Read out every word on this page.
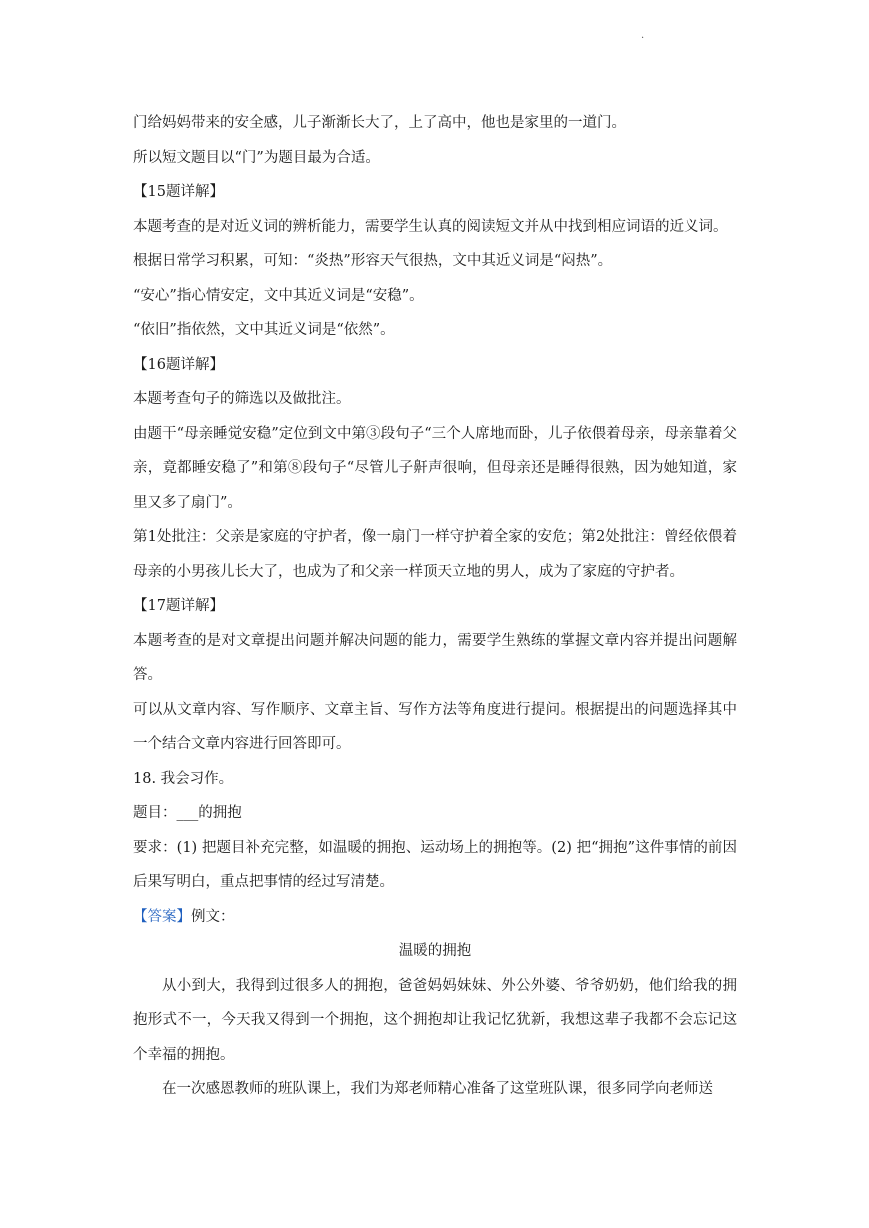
.

门给妈妈带来的安全感，儿子渐渐长大了，上了高中，他也是家里的一道门。

所以短文题目以“门”为题目最为合适。

【15题详解】

本题考查的是对近义词的辨析能力，需要学生认真的阅读短文并从中找到相应词语的近义词。

根据日常学习积累，可知：“炎热”形容天气很热，文中其近义词是“闷热”。

“安心”指心情安定，文中其近义词是“安稳”。

“依旧”指依然，文中其近义词是“依然”。

【16题详解】

本题考查句子的筛选以及做批注。

由题干“母亲睡觉安稳”定位到文中第③段句子“三个人席地而卧，儿子依偎着母亲，母亲靠着父亲，竟都睡安稳了”和第⑧段句子“尽管儿子鼾声很响，但母亲还是睡得很熟，因为她知道，家里又多了扇门”。

第1处批注：父亲是家庭的守护者，像一扇门一样守护着全家的安危；第2处批注：曾经依偎着母亲的小男孩儿长大了，也成为了和父亲一样顶天立地的男人，成为了家庭的守护者。

【17题详解】

本题考查的是对文章提出问题并解决问题的能力，需要学生熟练的掌握文章内容并提出问题解答。

可以从文章内容、写作顺序、文章主旨、写作方法等角度进行提问。根据提出的问题选择其中一个结合文章内容进行回答即可。

18. 我会习作。

题目：___的拥抱

要求：(1) 把题目补充完整，如温暖的拥抱、运动场上的拥抱等。(2) 把“拥抱”这件事情的前因后果写明白，重点把事情的经过写清楚。

【答案】例文：

温暖的拥抱

从小到大，我得到过很多人的拥抱，爸爸妈妈妹妹、外公外婆、爷爷奶奶，他们给我的拥抱形式不一，今天我又得到一个拥抱，这个拥抱却让我记忆犹新，我想这辈子我都不会忘记这个幸福的拥抱。

在一次感恩教师的班队课上，我们为郑老师精心准备了这堂班队课，很多同学向老师送
